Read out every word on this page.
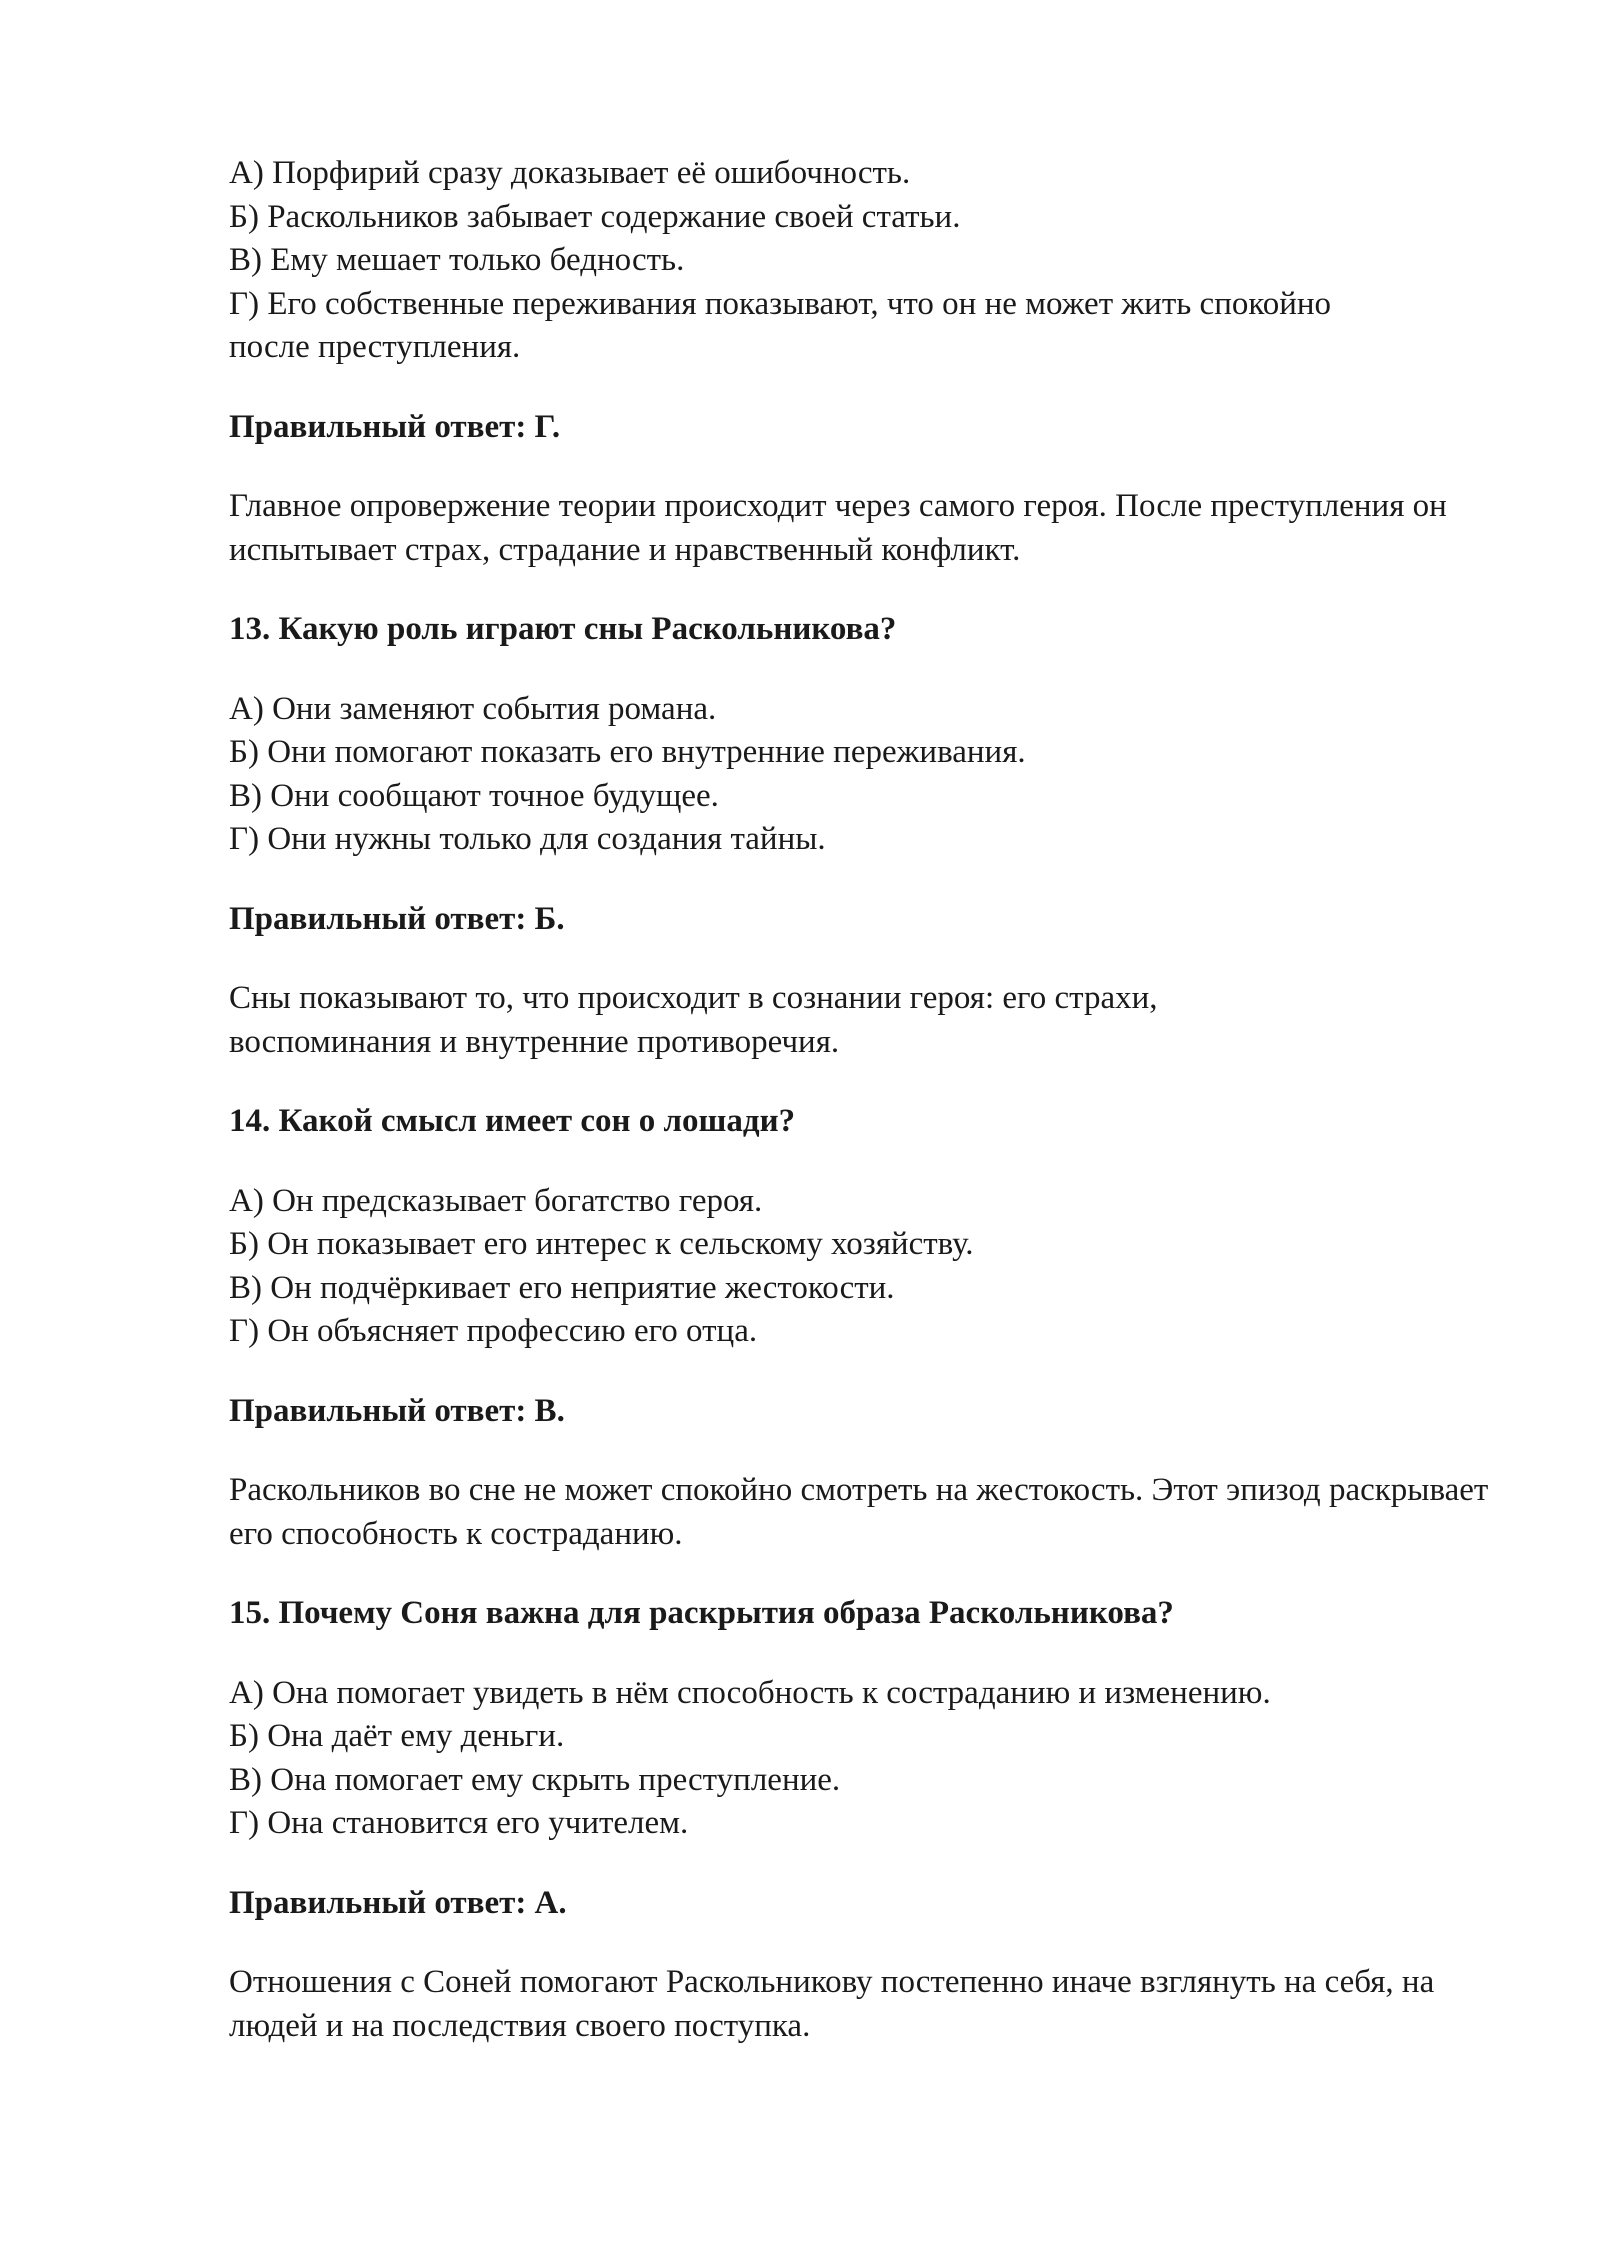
А) Порфирий сразу доказывает её ошибочность.

Б) Раскольников забывает содержание своей статьи.

В) Ему мешает только бедность.

Г) Его собственные переживания показывают, что он не может жить спокойно после преступления.

Правильный ответ: Г.

Главное опровержение теории происходит через самого героя. После преступления он испытывает страх, страдание и нравственный конфликт.

13. Какую роль играют сны Раскольникова?

А) Они заменяют события романа.

Б) Они помогают показать его внутренние переживания.

В) Они сообщают точное будущее.

Г) Они нужны только для создания тайны.

Правильный ответ: Б.

Сны показывают то, что происходит в сознании героя: его страхи, воспоминания и внутренние противоречия.

14. Какой смысл имеет сон о лошади?

А) Он предсказывает богатство героя.

Б) Он показывает его интерес к сельскому хозяйству.

В) Он подчёркивает его неприятие жестокости.

Г) Он объясняет профессию его отца.

Правильный ответ: В.

Раскольников во сне не может спокойно смотреть на жестокость. Этот эпизод раскрывает его способность к состраданию.

15. Почему Соня важна для раскрытия образа Раскольникова?

А) Она помогает увидеть в нём способность к состраданию и изменению.

Б) Она даёт ему деньги.

В) Она помогает ему скрыть преступление.

Г) Она становится его учителем.

Правильный ответ: А.

Отношения с Соней помогают Раскольникову постепенно иначе взглянуть на себя, на людей и на последствия своего поступка.
